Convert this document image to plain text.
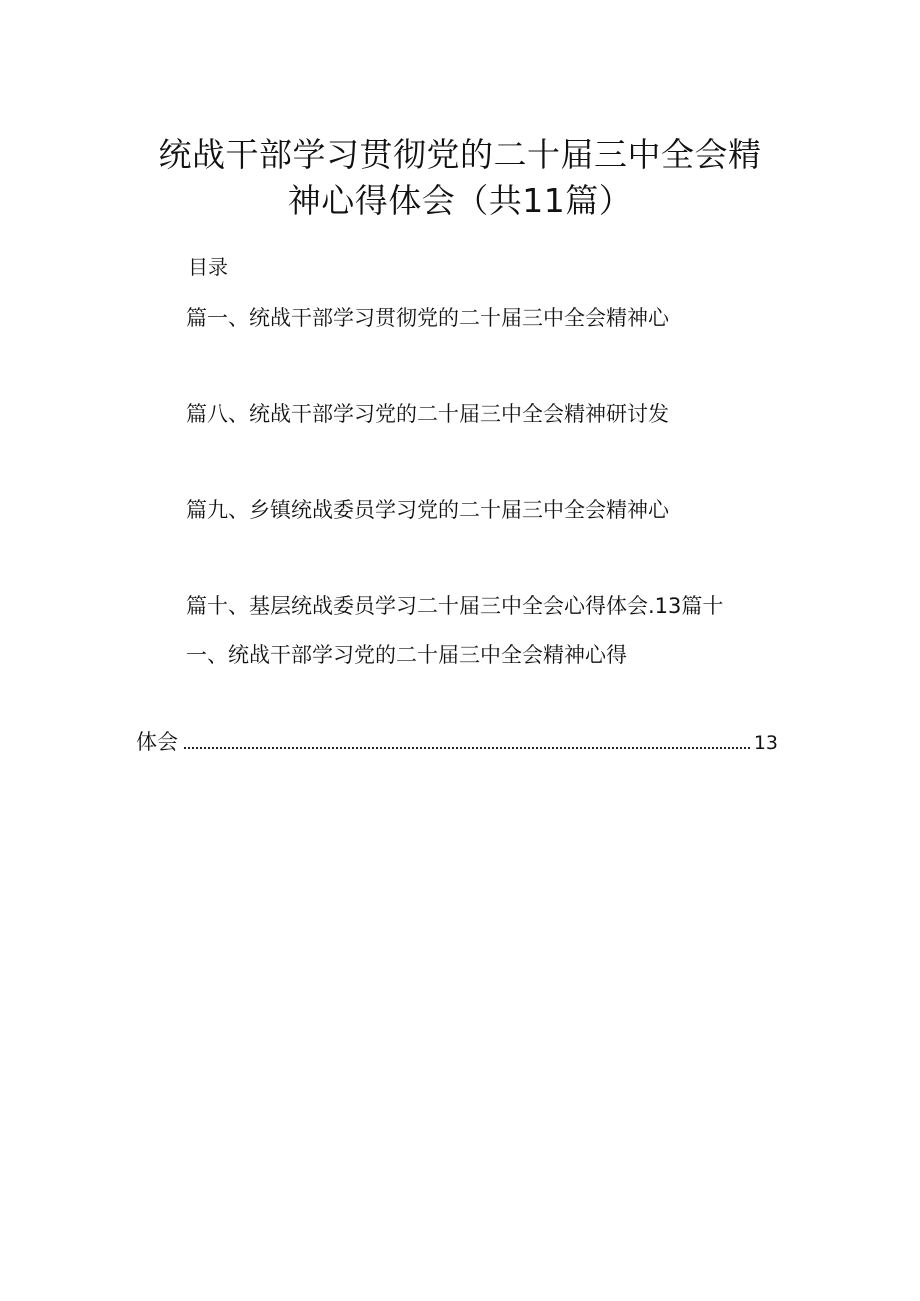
统战干部学习贯彻党的二十届三中全会精
神心得体会（共11篇）
目录
篇一、统战干部学习贯彻党的二十届三中全会精神心
篇八、统战干部学习党的二十届三中全会精神研讨发
篇九、乡镇统战委员学习党的二十届三中全会精神心
篇十、基层统战委员学习二十届三中全会心得体会.13篇十
一、统战干部学习党的二十届三中全会精神心得
体会	13
